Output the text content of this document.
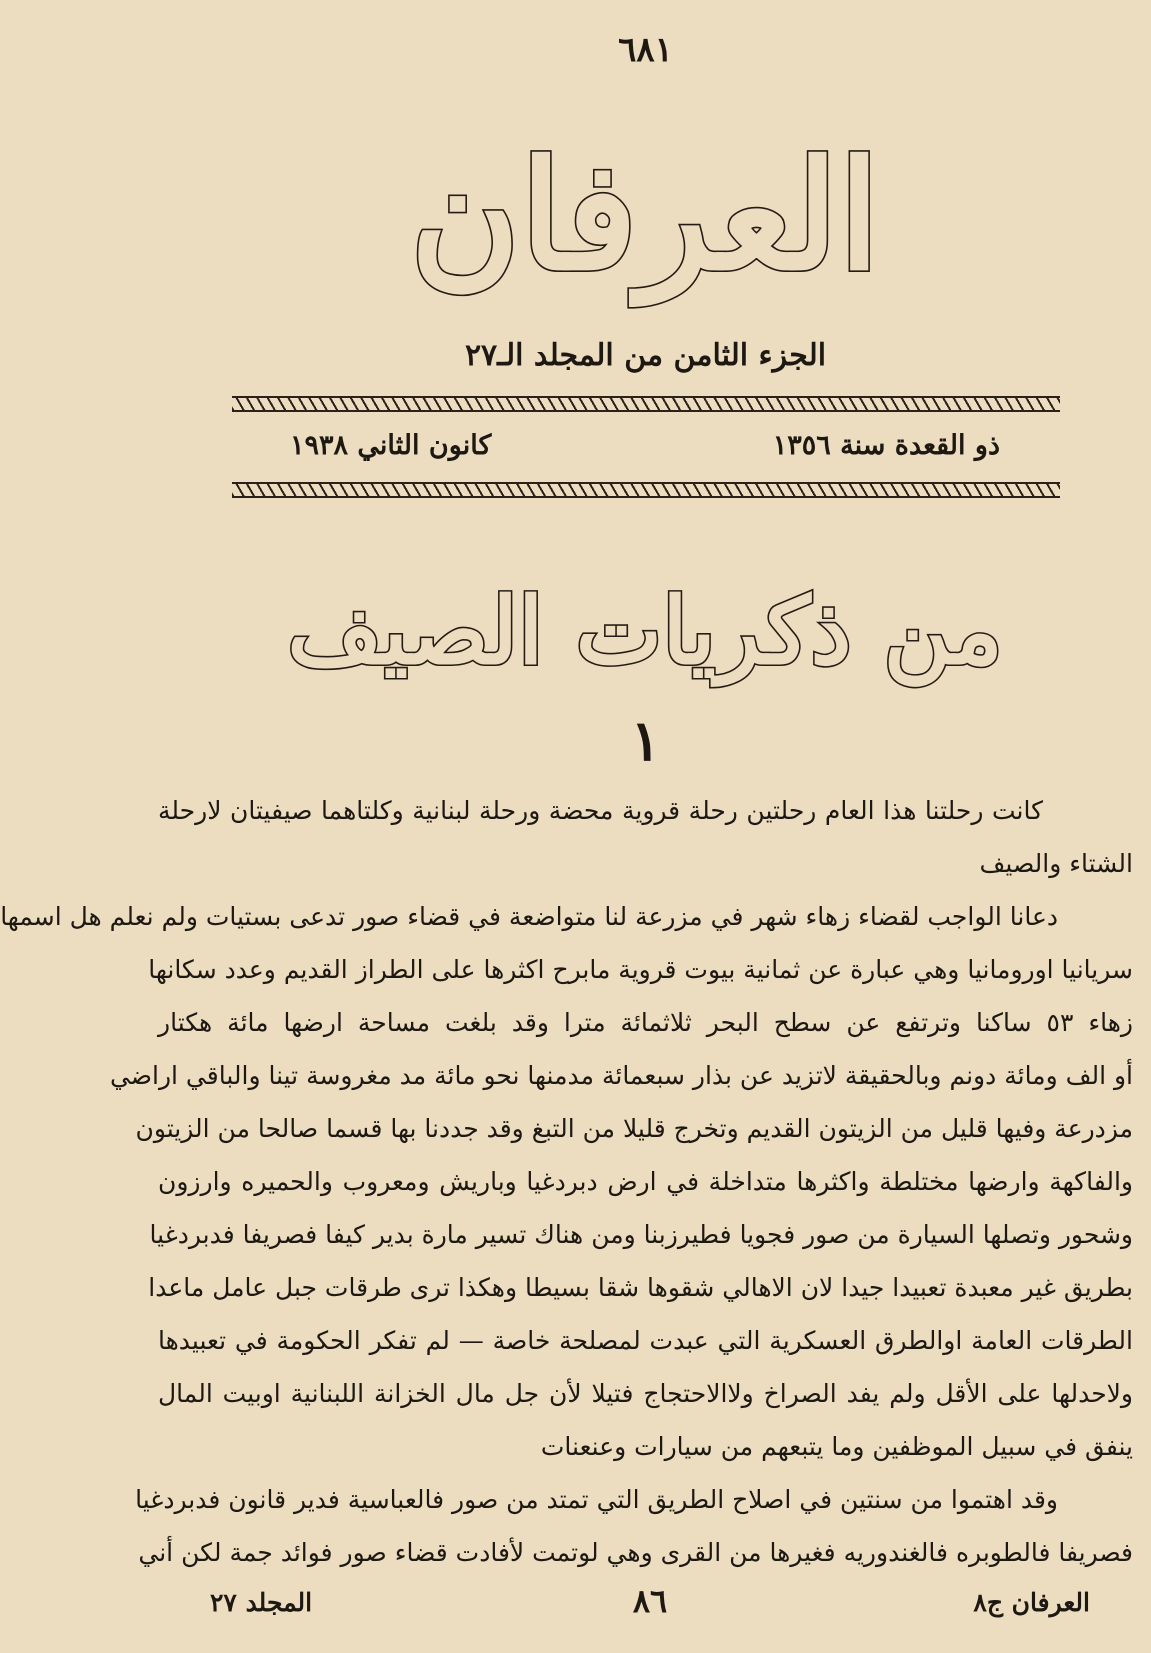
٦٨١
العرفان
الجزء الثامن من المجلد الـ٢٧
ذو القعدة سنة ١٣٥٦
كانون الثاني ١٩٣٨
من ذكريات الصيف
١
كانت رحلتنا هذا العام رحلتين رحلة قروية محضة ورحلة لبنانية وكلتاهما صيفيتان لارحلة
الشتاء والصيف
دعانا الواجب لقضاء زهاء شهر في مزرعة لنا متواضعة في قضاء صور تدعى بستيات ولم نعلم هل اسمها
سريانيا اورومانيا وهي عبارة عن ثمانية بيوت قروية مابرح اكثرها على الطراز القديم وعدد سكانها
زهاء ٥٣ ساكنا وترتفع عن سطح البحر ثلاثمائة مترا وقد بلغت مساحة ارضها مائة هكتار
أو الف ومائة دونم وبالحقيقة لاتزيد عن بذار سبعمائة مدمنها نحو مائة مد مغروسة تينا والباقي اراضي
مزدرعة وفيها قليل من الزيتون القديم وتخرج قليلا من التبغ وقد جددنا بها قسما صالحا من الزيتون
والفاكهة وارضها مختلطة واكثرها متداخلة في ارض دبردغيا وباريش ومعروب والحميره وارزون
وشحور وتصلها السيارة من صور فجويا فطيرزبنا ومن هناك تسير مارة بدير كيفا فصريفا فدبردغيا
بطريق غير معبدة تعبيدا جيدا لان الاهالي شقوها شقا بسيطا وهكذا ترى طرقات جبل عامل ماعدا
الطرقات العامة اوالطرق العسكرية التي عبدت لمصلحة خاصة — لم تفكر الحكومة في تعبيدها
ولاحدلها على الأقل ولم يفد الصراخ ولاالاحتجاج فتيلا لأن جل مال الخزانة اللبنانية اوبيت المال
ينفق في سبيل الموظفين وما يتبعهم من سيارات وعنعنات
وقد اهتموا من سنتين في اصلاح الطريق التي تمتد من صور فالعباسية فدير قانون فدبردغيا
فصريفا فالطوبره فالغندوريه فغيرها من القرى وهي لوتمت لأفادت قضاء صور فوائد جمة لكن أني
العرفان ج٨
٨٦
المجلد ٢٧
